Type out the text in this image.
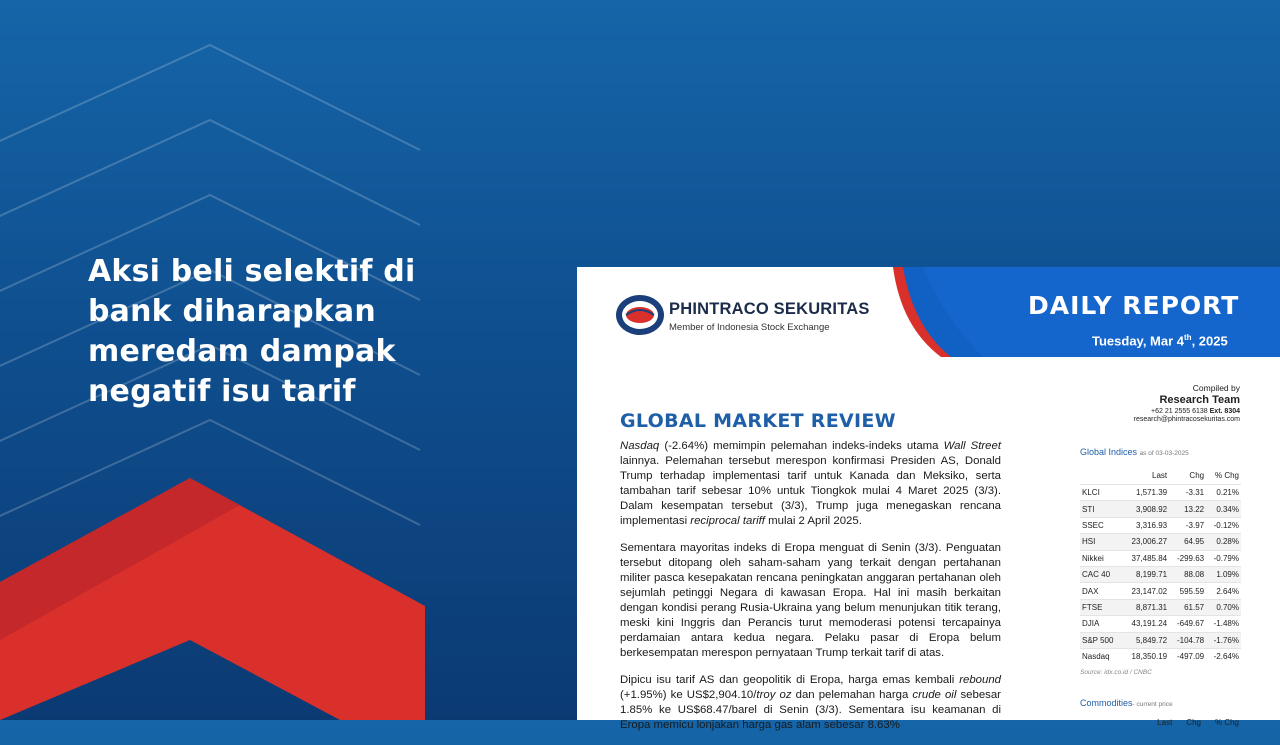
Aksi beli selektif di bank diharapkan meredam dampak negatif isu tarif
PHINTRACO SEKURITAS
Member of Indonesia Stock Exchange
DAILY REPORT
Tuesday, Mar 4th, 2025
Compiled by
Research Team
+62 21 2555 6138 Ext. 8304
research@phintracosekuritas.com
GLOBAL MARKET REVIEW

Nasdaq (-2.64%) memimpin pelemahan indeks-indeks utama Wall Street lainnya. Pelemahan tersebut merespon konfirmasi Presiden AS, Donald Trump terhadap implementasi tarif untuk Kanada dan Meksiko, serta tambahan tarif sebesar 10% untuk Tiongkok mulai 4 Maret 2025 (3/3). Dalam kesempatan tersebut (3/3), Trump juga menegaskan rencana implementasi reciprocal tariff mulai 2 April 2025.

Sementara mayoritas indeks di Eropa menguat di Senin (3/3). Penguatan tersebut ditopang oleh saham-saham yang terkait dengan pertahanan militer pasca kesepakatan rencana peningkatan anggaran pertahanan oleh sejumlah petinggi Negara di kawasan Eropa. Hal ini masih berkaitan dengan kondisi perang Rusia-Ukraina yang belum menunjukan titik terang, meski kini Inggris dan Perancis turut memoderasi potensi tercapainya perdamaian antara kedua negara. Pelaku pasar di Eropa belum berkesempatan merespon pernyataan Trump terkait tarif di atas.

Dipicu isu tarif AS dan geopolitik di Eropa, harga emas kembali rebound (+1.95%) ke US$2,904.10/troy oz dan pelemahan harga crude oil sebesar 1.85% ke US$68.47/barel di Senin (3/3). Sementara isu keamanan di Eropa memicu lonjakan harga gas alam sebesar 8.63%

Global Indices as of 03-03-2025
	Last	Chg	% Chg
KLCI	1,571.39	-3.31	0.21%
STI	3,908.92	13.22	0.34%
SSEC	3,316.93	-3.97	-0.12%
HSI	23,006.27	64.95	0.28%
Nikkei	37,485.84	-299.63	-0.79%
CAC 40	8,199.71	88.08	1.09%
DAX	23,147.02	595.59	2.64%
FTSE	8,871.31	61.57	0.70%
DJIA	43,191.24	-649.67	-1.48%
S&P 500	5,849.72	-104.78	-1.76%
Nasdaq	18,350.19	-497.09	-2.64%
Source: idx.co.id / CNBC
Commodities- current price
Last Chg % Chg
